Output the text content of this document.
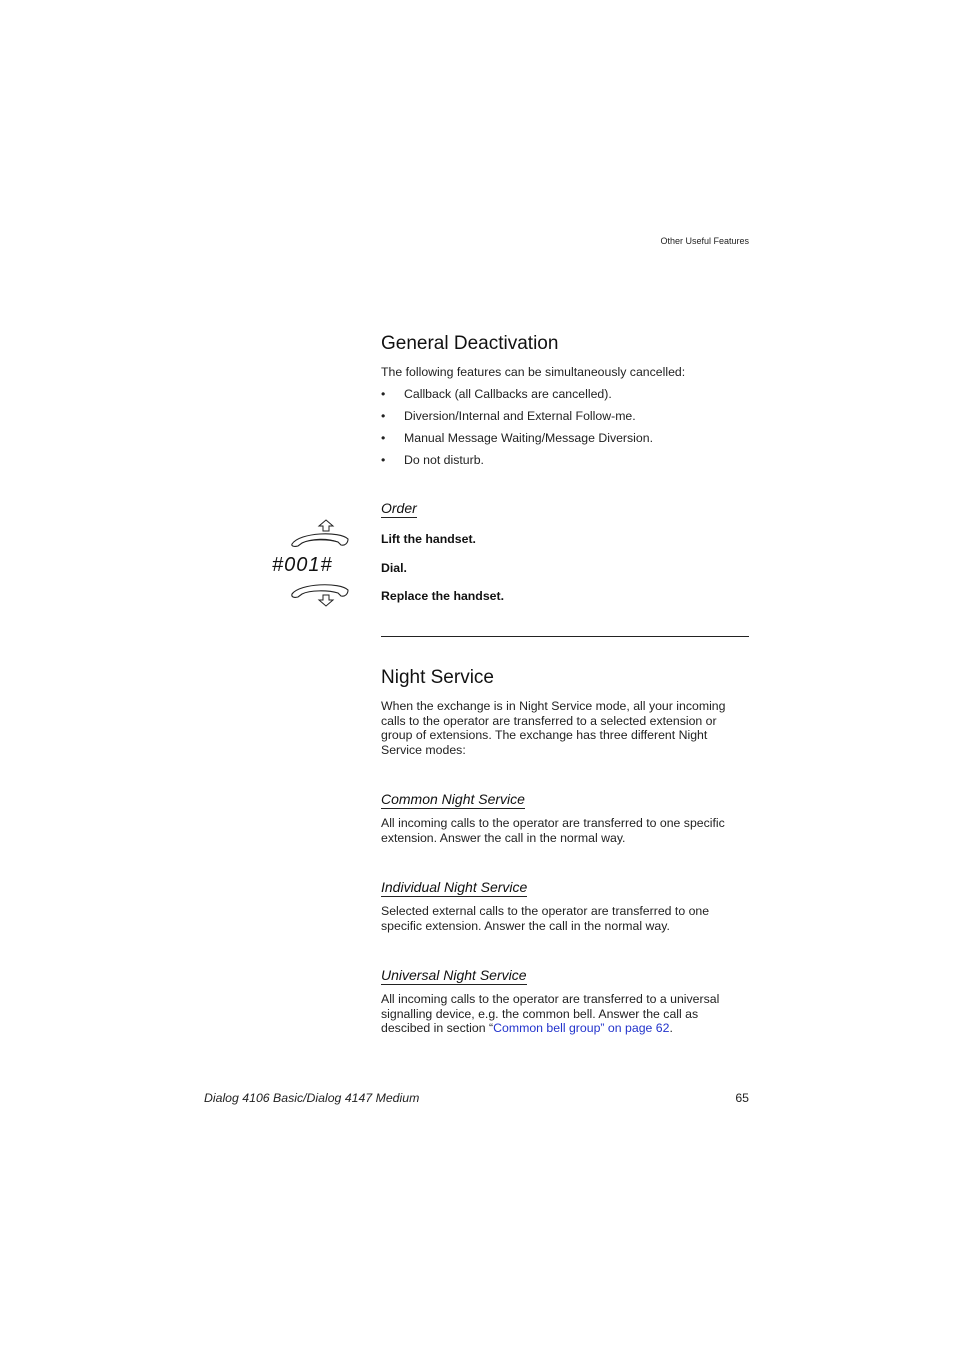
Other Useful Features
General Deactivation
The following features can be simultaneously cancelled:
• Callback (all Callbacks are cancelled).
• Diversion/Internal and External Follow-me.
• Manual Message Waiting/Message Diversion.
• Do not disturb.
Order
#001#
Lift the handset.
Dial.
Replace the handset.
Night Service
When the exchange is in Night Service mode, all your incoming calls to the operator are transferred to a selected extension or group of extensions. The exchange has three different Night Service modes:
Common Night Service
All incoming calls to the operator are transferred to one specific extension. Answer the call in the normal way.
Individual Night Service
Selected external calls to the operator are transferred to one specific extension. Answer the call in the normal way.
Universal Night Service
All incoming calls to the operator are transferred to a universal signalling device, e.g. the common bell. Answer the call as descibed in section “Common bell group” on page 62.
Dialog 4106 Basic/Dialog 4147 Medium	65
